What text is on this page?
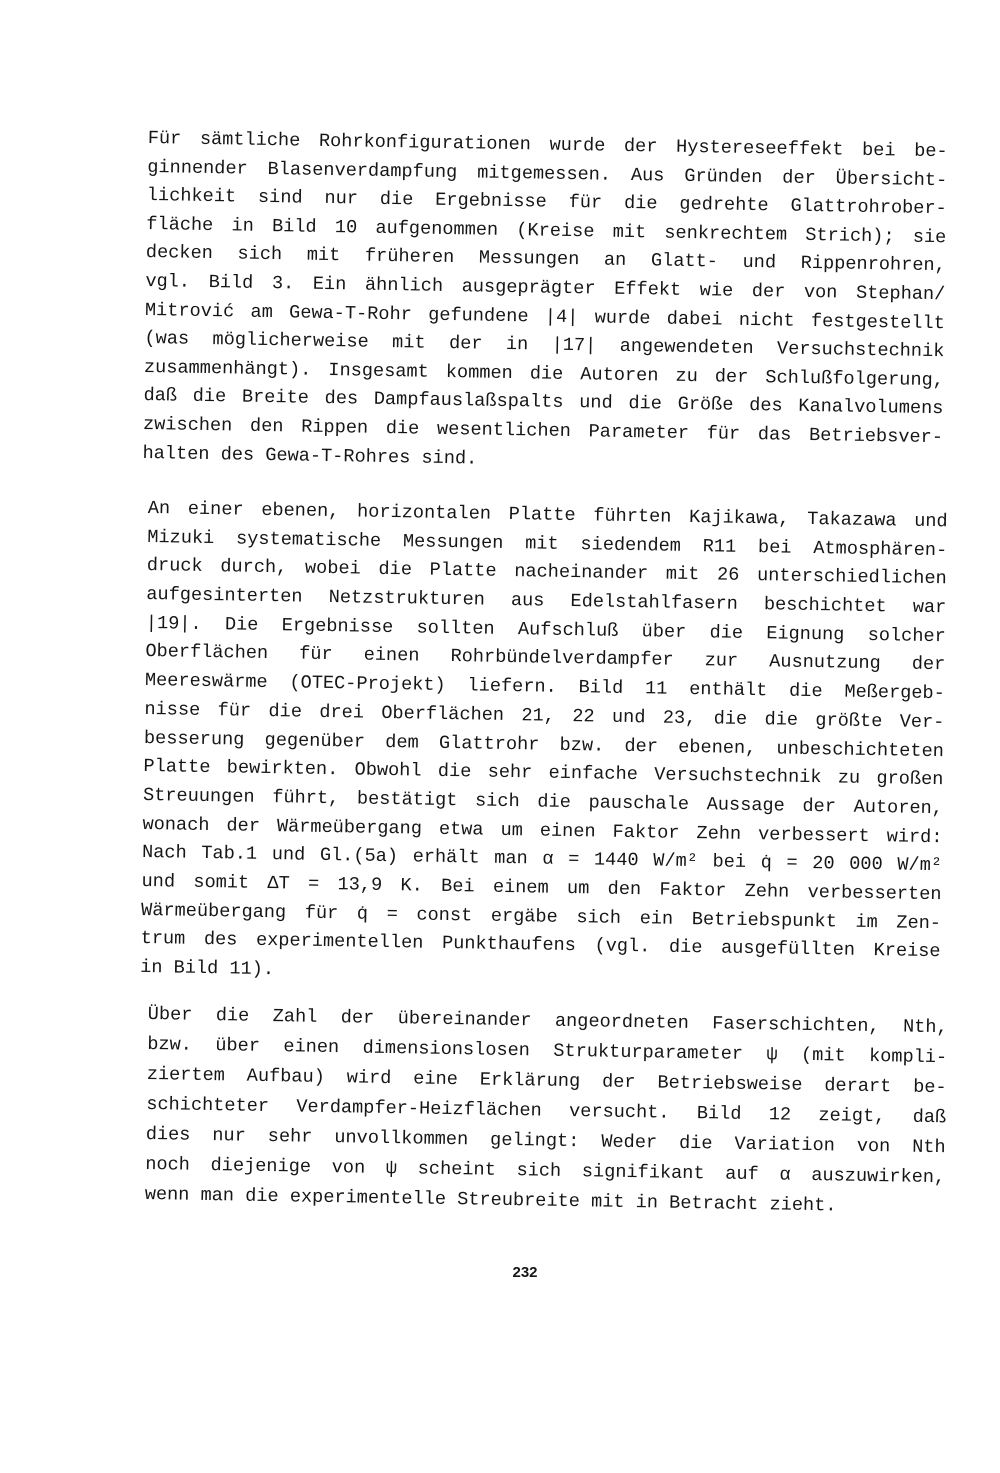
Für sämtliche Rohrkonfigurationen wurde der Hystereseeffekt bei be-
ginnender Blasenverdampfung mitgemessen. Aus Gründen der Übersicht-
lichkeit sind nur die Ergebnisse für die gedrehte Glattrohrober-
fläche in Bild 10 aufgenommen (Kreise mit senkrechtem Strich); sie
decken sich mit früheren Messungen an Glatt- und Rippenrohren,
vgl. Bild 3. Ein ähnlich ausgeprägter Effekt wie der von Stephan/
Mitrović am Gewa-T-Rohr gefundene |4| wurde dabei nicht festgestellt
(was möglicherweise mit der in |17| angewendeten Versuchstechnik
zusammenhängt). Insgesamt kommen die Autoren zu der Schlußfolgerung,
daß die Breite des Dampfauslaßspalts und die Größe des Kanalvolumens
zwischen den Rippen die wesentlichen Parameter für das Betriebsver-
halten des Gewa-T-Rohres sind.
An einer ebenen, horizontalen Platte führten Kajikawa, Takazawa und
Mizuki systematische Messungen mit siedendem R11 bei Atmosphären-
druck durch, wobei die Platte nacheinander mit 26 unterschiedlichen
aufgesinterten Netzstrukturen aus Edelstahlfasern beschichtet war
|19|. Die Ergebnisse sollten Aufschluß über die Eignung solcher
Oberflächen für einen Rohrbündelverdampfer zur Ausnutzung der
Meereswärme (OTEC-Projekt) liefern. Bild 11 enthält die Meßergeb-
nisse für die drei Oberflächen 21, 22 und 23, die die größte Ver-
besserung gegenüber dem Glattrohr bzw. der ebenen, unbeschichteten
Platte bewirkten. Obwohl die sehr einfache Versuchstechnik zu großen
Streuungen führt, bestätigt sich die pauschale Aussage der Autoren,
wonach der Wärmeübergang etwa um einen Faktor Zehn verbessert wird:
Nach Tab.1 und Gl.(5a) erhält man α = 1440 W/m² bei q̇ = 20 000 W/m²
und somit ΔT = 13,9 K. Bei einem um den Faktor Zehn verbesserten
Wärmeübergang für q̇ = const ergäbe sich ein Betriebspunkt im Zen-
trum des experimentellen Punkthaufens (vgl. die ausgefüllten Kreise
in Bild 11).
Über die Zahl der übereinander angeordneten Faserschichten, Nth,
bzw. über einen dimensionslosen Strukturparameter ψ (mit kompli-
ziertem Aufbau) wird eine Erklärung der Betriebsweise derart be-
schichteter Verdampfer-Heizflächen versucht. Bild 12 zeigt, daß
dies nur sehr unvollkommen gelingt: Weder die Variation von Nth
noch diejenige von ψ scheint sich signifikant auf α auszuwirken,
wenn man die experimentelle Streubreite mit in Betracht zieht.
232
